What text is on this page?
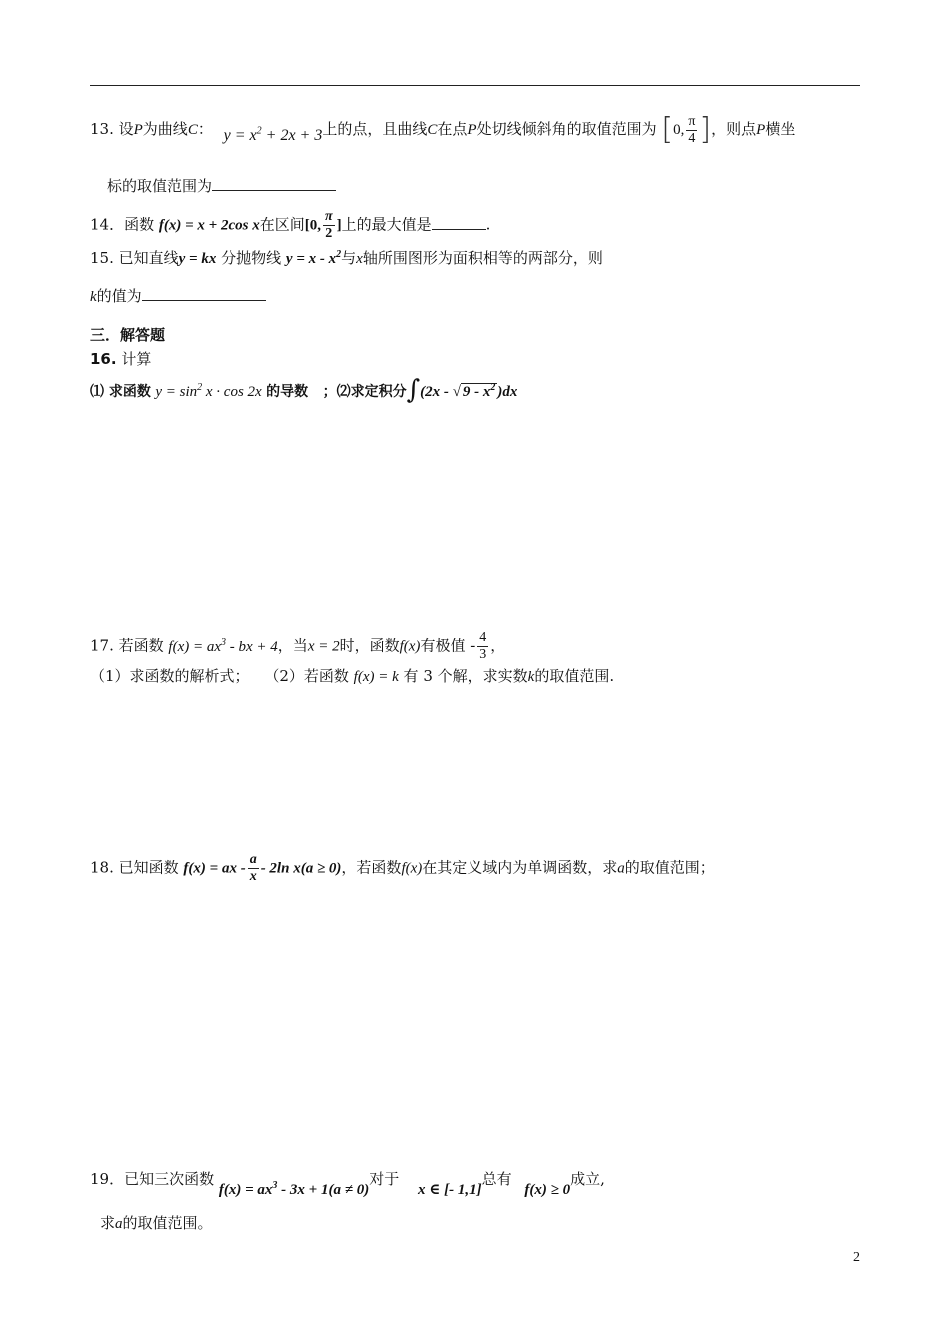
13. 设P为曲线C： $y = x^2 + 2x + 3$上的点，且曲线C在点P处切线倾斜角的取值范围为 [ 0, $\frac{\pi}{4}$ ] ，则点P横坐
标的取值范围为
14．函数 f(x) = x + 2cos x在区间[0, $\frac{\pi}{2}$ ]上的最大值是	.
15. 已知直线y = kx 分抛物线 $y = x - x^2$与x轴所围图形为面积相等的两部分，则
k的值为
三．解答题
16. 计算
⑴ 求函数 $y = \sin^2 x \cdot \cos 2x$ 的导数 ；⑵求定积分∫(2x - √ $9 - x^2$ )dx
17. 若函数 $f(x) = ax^3$ - bx + 4，当x = 2时，函数f(x)有极值 - $\frac{4}{3}$ ，
（1）求函数的解析式； （2）若函数 f(x) = k 有 3 个解，求实数k的取值范围.
18. 已知函数 f(x) = ax - $\frac{a}{x} - 2\ln$ x(a ≥ 0)，若函数f(x)在其定义域内为单调函数，求a的取值范围；
19．已知三次函数 $f(x) = ax^3 - 3x + 1(a \ne 0)$对于 x ∈ [- 1,1]总有 f(x) ≥ 0成立,
求a的取值范围。
2
